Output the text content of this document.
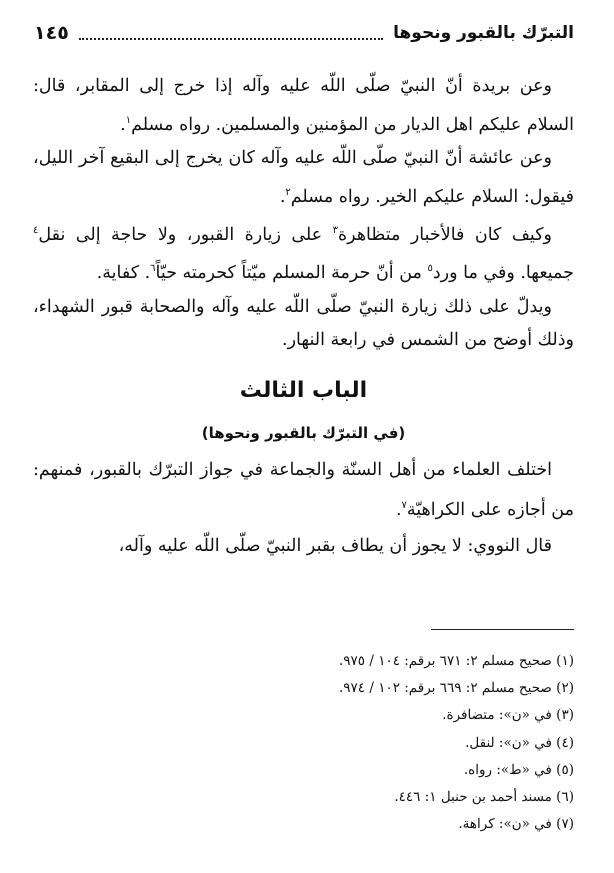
التبرّك بالقبور ونحوها
١٤٥

وعن بريدة أنّ النبيّ صلّى اللّه عليه وآله إذا خرج إلى المقابر، قال: السلام عليكم اهل الديار من المؤمنين والمسلمين. رواه مسلم$^١$.

وعن عائشة أنّ النبيّ صلّى اللّه عليه وآله كان يخرج إلى البقيع آخر الليل، فيقول: السلام عليكم الخير. رواه مسلم$^٢$.

وكيف كان فالأخبار متظاهرة$^٣$ على زيارة القبور، ولا حاجة إلى نقل$^٤$ جميعها. وفي ما ورد$^٥$ من أنّ حرمة المسلم ميّتاً كحرمته حيّاً$^٦$. كفاية.

ويدلّ على ذلك زيارة النبيّ صلّى اللّه عليه وآله والصحابة قبور الشهداء، وذلك أوضح من الشمس في رابعة النهار.

الباب الثالث
(في التبرّك بالقبور ونحوها)

اختلف العلماء من أهل السنّة والجماعة في جواز التبرّك بالقبور، فمنهم: من أجازه على الكراهيّة$^٧$.

قال النووي: لا يجوز أن يطاف بقبر النبيّ صلّى اللّه عليه وآله،

(١) صحيح مسلم ٢: ٦٧١ برقم: ١٠٤ / ٩٧٥.
(٢) صحيح مسلم ٢: ٦٦٩ برقم: ١٠٢ / ٩٧٤.
(٣) في «ن»: متضافرة.
(٤) في «ن»: لنقل.
(٥) في «ط»: رواه.
(٦) مسند أحمد بن حنبل ١: ٤٤٦.
(٧) في «ن»: كراهة.
